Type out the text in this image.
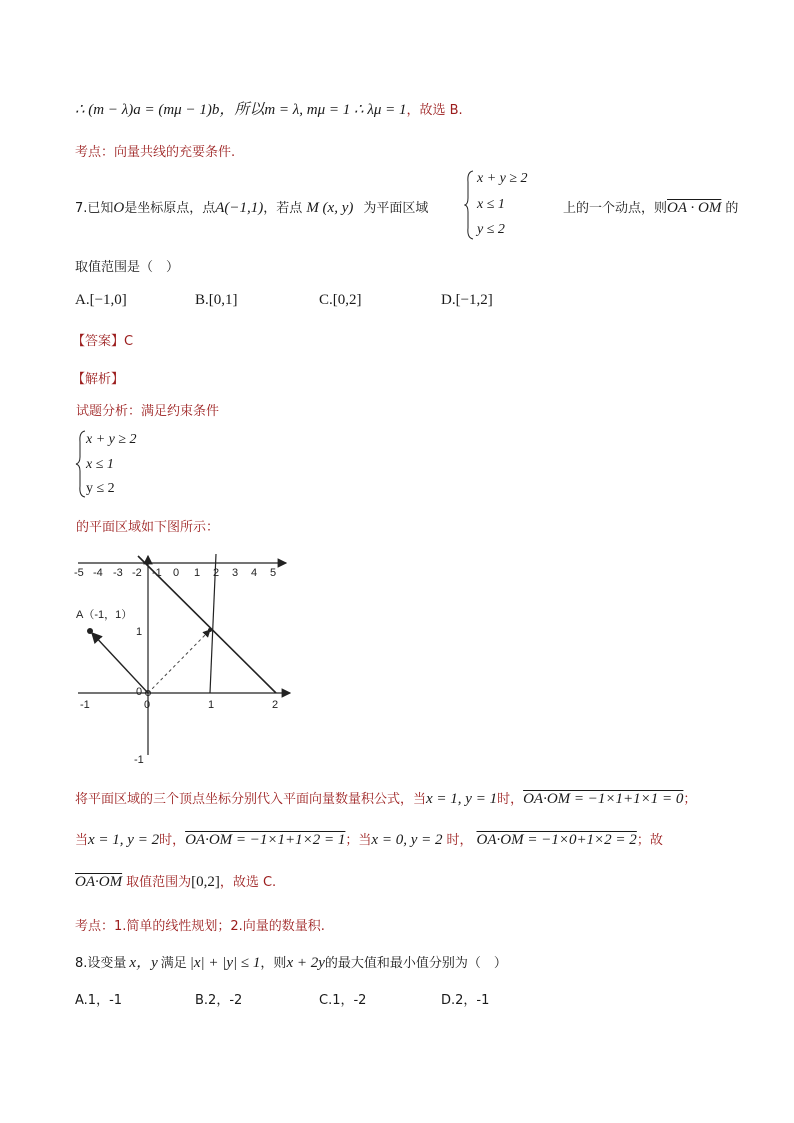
∴ (m − λ)a = (mμ − 1)b，所以m = λ, mμ = 1 ∴ λμ = 1，故选 B.
考点：向量共线的充要条件.
7.已知O是坐标原点，点A(−1,1)，若点 M (x, y) 为平面区域
x + y ≥ 2
x ≤ 1
y ≤ 2
上的一个动点，则OA · OM 的
取值范围是（　）
A.[−1,0]	B.[0,1]	C.[0,2]	D.[−1,2]
【答案】C
【解析】
试题分析：满足约束条件
x + y ≥ 2
x ≤ 1
y ≤ 2
的平面区域如下图所示：
-5 -4 -3 -2 -1 0 1 2 3 4 5
A（-1，1）
1
0
0
-1
-1	1	2
将平面区域的三个顶点坐标分别代入平面向量数量积公式，当x = 1, y = 1时，OA·OM = −1×1+1×1 = 0；
当x = 1, y = 2时，OA·OM = −1×1+1×2 = 1；当x = 0, y = 2 时， OA·OM = −1×0+1×2 = 2；故
OA·OM 取值范围为[0,2]，故选 C.
考点：1.简单的线性规划；2.向量的数量积.
8.设变量 x，y 满足 |x| + |y| ≤ 1，则x + 2y的最大值和最小值分别为（　）
A.1，-1	B.2，-2	C.1，-2	D.2，-1
